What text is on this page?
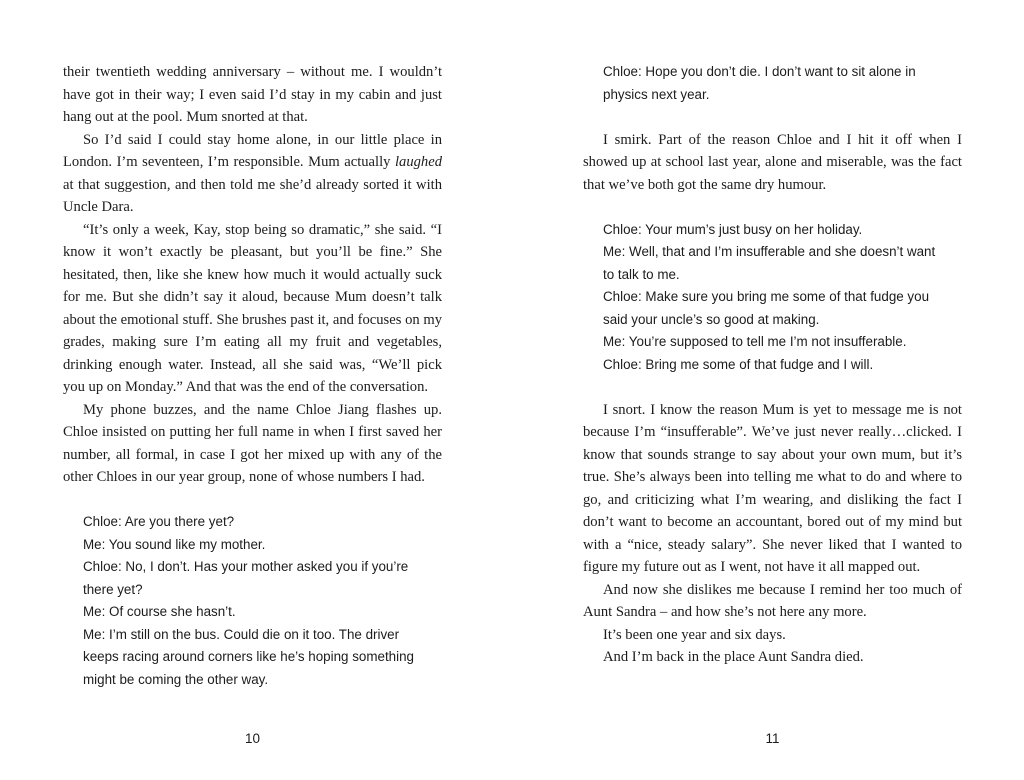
their twentieth wedding anniversary – without me. I wouldn’t have got in their way; I even said I’d stay in my cabin and just hang out at the pool. Mum snorted at that.

So I’d said I could stay home alone, in our little place in London. I’m seventeen, I’m responsible. Mum actually laughed at that suggestion, and then told me she’d already sorted it with Uncle Dara.

“It’s only a week, Kay, stop being so dramatic,” she said. “I know it won’t exactly be pleasant, but you’ll be fine.” She hesitated, then, like she knew how much it would actually suck for me. But she didn’t say it aloud, because Mum doesn’t talk about the emotional stuff. She brushes past it, and focuses on my grades, making sure I’m eating all my fruit and vegetables, drinking enough water. Instead, all she said was, “We’ll pick you up on Monday.” And that was the end of the conversation.

My phone buzzes, and the name Chloe Jiang flashes up. Chloe insisted on putting her full name in when I first saved her number, all formal, in case I got her mixed up with any of the other Chloes in our year group, none of whose numbers I had.

Chloe: Are you there yet?
Me: You sound like my mother.
Chloe: No, I don’t. Has your mother asked you if you’re
there yet?
Me: Of course she hasn’t.
Me: I’m still on the bus. Could die on it too. The driver
keeps racing around corners like he’s hoping something
might be coming the other way.
10
Chloe: Hope you don’t die. I don’t want to sit alone in
physics next year.

I smirk. Part of the reason Chloe and I hit it off when I showed up at school last year, alone and miserable, was the fact that we’ve both got the same dry humour.

Chloe: Your mum’s just busy on her holiday.
Me: Well, that and I’m insufferable and she doesn’t want
to talk to me.
Chloe: Make sure you bring me some of that fudge you
said your uncle’s so good at making.
Me: You’re supposed to tell me I’m not insufferable.
Chloe: Bring me some of that fudge and I will.

I snort. I know the reason Mum is yet to message me is not because I’m “insufferable”. We’ve just never really…clicked. I know that sounds strange to say about your own mum, but it’s true. She’s always been into telling me what to do and where to go, and criticizing what I’m wearing, and disliking the fact I don’t want to become an accountant, bored out of my mind but with a “nice, steady salary”. She never liked that I wanted to figure my future out as I went, not have it all mapped out.

And now she dislikes me because I remind her too much of Aunt Sandra – and how she’s not here any more.

It’s been one year and six days.

And I’m back in the place Aunt Sandra died.

11
